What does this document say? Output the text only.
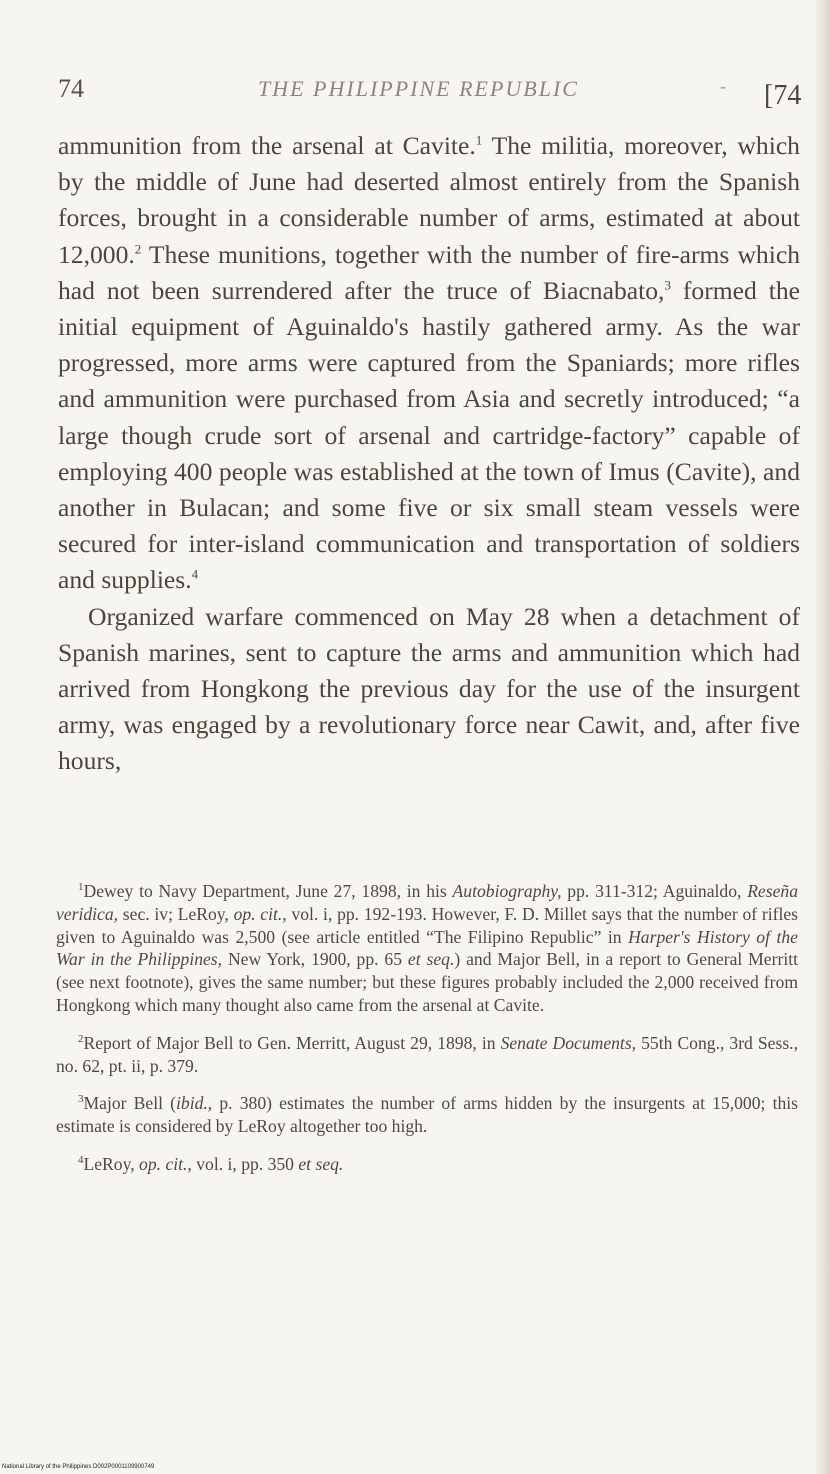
74	THE PHILIPPINE REPUBLIC	- [74

ammunition from the arsenal at Cavite.$^1$ The militia, moreover, which by the middle of June had deserted almost entirely from the Spanish forces, brought in a considerable number of arms, estimated at about 12,000.$^2$ These munitions, together with the number of fire-arms which had not been surrendered after the truce of Biacnabato,$^3$ formed the initial equipment of Aguinaldo's hastily gathered army. As the war progressed, more arms were captured from the Spaniards; more rifles and ammunition were purchased from Asia and secretly introduced; “a large though crude sort of arsenal and cartridge-factory” capable of employing 400 people was established at the town of Imus (Cavite), and another in Bulacan; and some five or six small steam vessels were secured for inter-island communication and transportation of soldiers and supplies.$^4$

Organized warfare commenced on May 28 when a detachment of Spanish marines, sent to capture the arms and ammunition which had arrived from Hongkong the previous day for the use of the insurgent army, was engaged by a revolutionary force near Cawit, and, after five hours,

$^1$Dewey to Navy Department, June 27, 1898, in his Autobiography, pp. 311-312; Aguinaldo, Reseña veridica, sec. iv; LeRoy, op. cit., vol. i, pp. 192-193. However, F. D. Millet says that the number of rifles given to Aguinaldo was 2,500 (see article entitled “The Filipino Republic” in Harper's History of the War in the Philippines, New York, 1900, pp. 65 et seq.) and Major Bell, in a report to General Merritt (see next footnote), gives the same number; but these figures probably included the 2,000 received from Hongkong which many thought also came from the arsenal at Cavite.

$^2$Report of Major Bell to Gen. Merritt, August 29, 1898, in Senate Documents, 55th Cong., 3rd Sess., no. 62, pt. ii, p. 379.

$^3$Major Bell (ibid., p. 380) estimates the number of arms hidden by the insurgents at 15,000; this estimate is considered by LeRoy altogether too high.

$^4$LeRoy, op. cit., vol. i, pp. 350 et seq.

National Library of the Philippines D002P0001109900749
